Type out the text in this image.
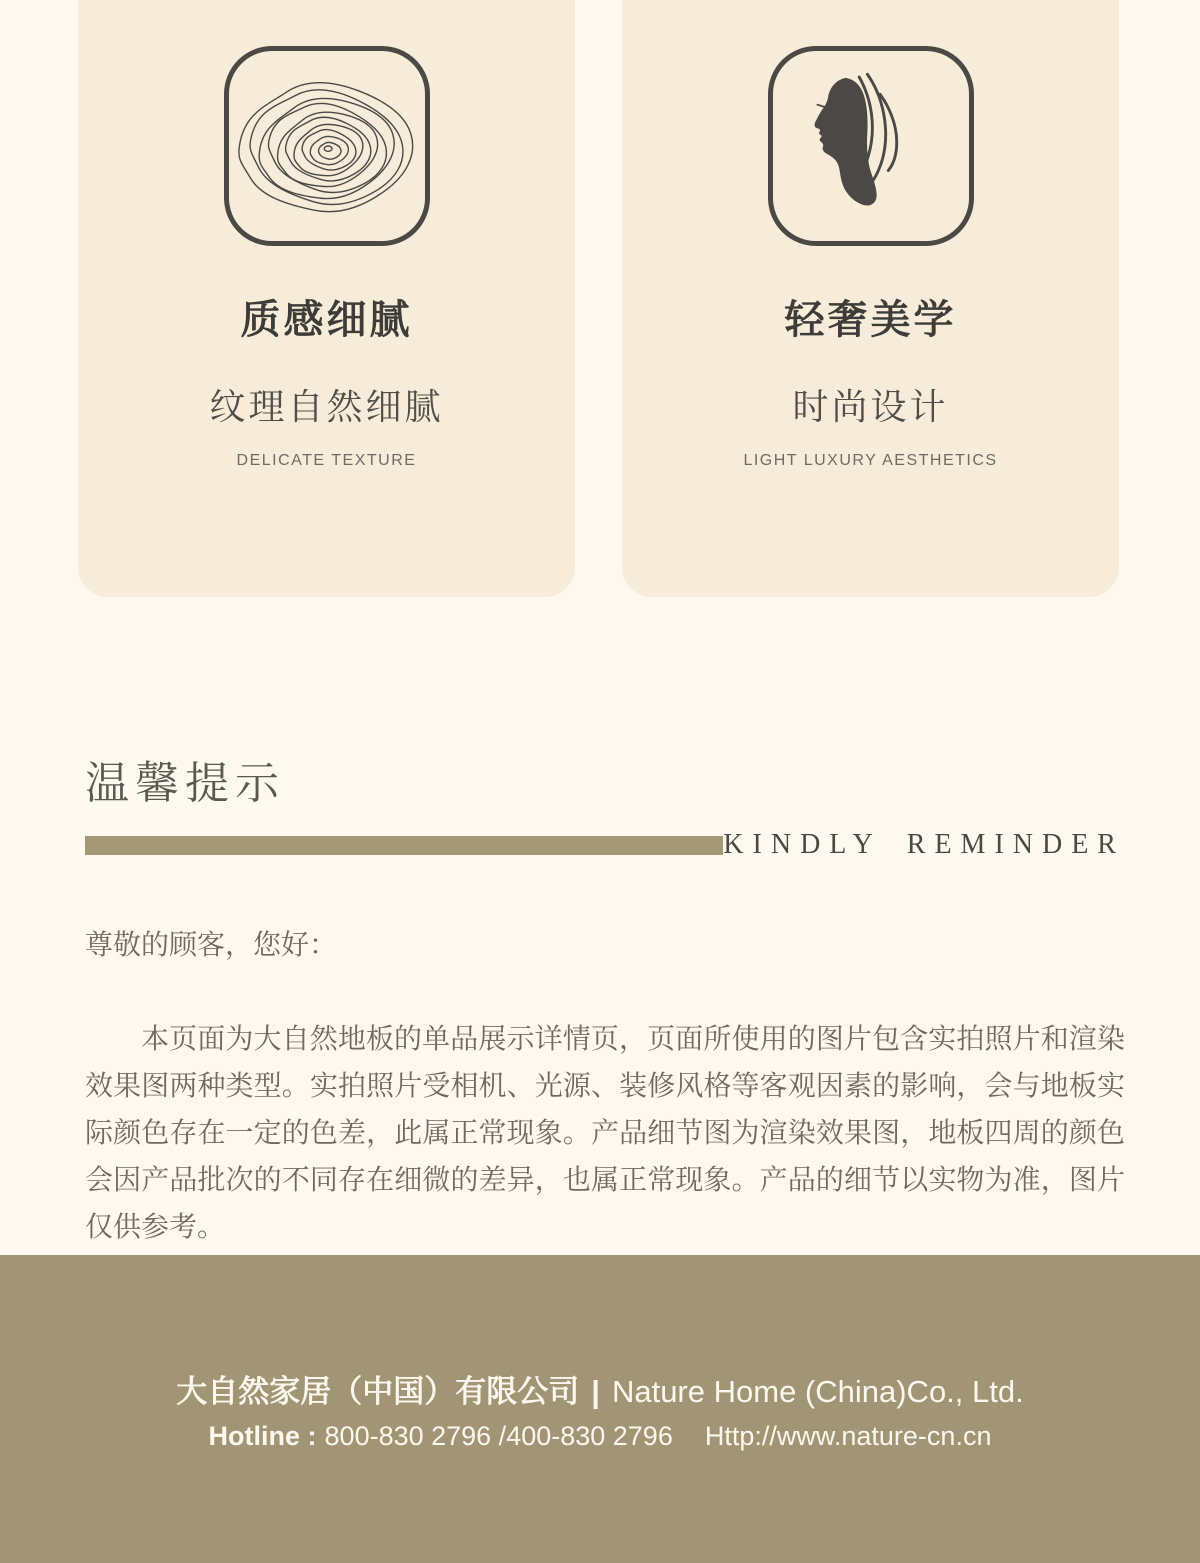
质感细腻

纹理自然细腻

DELICATE TEXTURE

轻奢美学

时尚设计

LIGHT LUXURY AESTHETICS

温馨提示
KINDLY REMINDER

尊敬的顾客，您好：

本页面为大自然地板的单品展示详情页，页面所使用的图片包含实拍照片和渲染效果图两种类型。实拍照片受相机、光源、装修风格等客观因素的影响，会与地板实际颜色存在一定的色差，此属正常现象。产品细节图为渲染效果图，地板四周的颜色会因产品批次的不同存在细微的差异，也属正常现象。产品的细节以实物为准，图片仅供参考。

大自然家居（中国）有限公司 | Nature Home (China)Co., Ltd.

Hotline : 800-830 2796 /400-830 2796 Http://www.nature-cn.cn
